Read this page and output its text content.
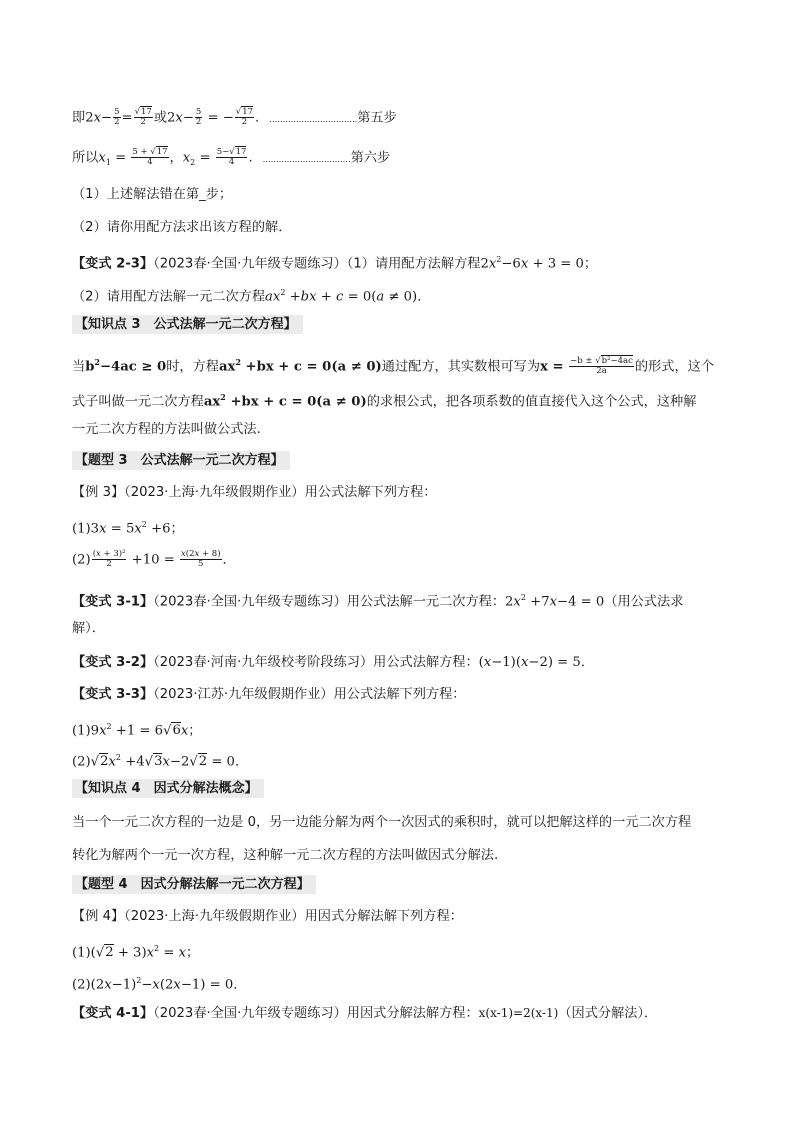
即$2x- \frac{5}{2} = \frac{√17}{2}$ 或$2x- \frac{5}{2}$ = − $\frac{√17}{2}$ . ……………………………第五步
所以$x_1 = \frac{5 + √17}{4}$ ，$x_2 = \frac{5-√17}{4}$ . ……………………………第六步
（1）上述解法错在第_步；
（2）请你用配方法求出该方程的解．
【变式 2-3】（2023春·全国·九年级专题练习）（1）请用配方法解方程$2x^2-6x + 3 = 0$；
（2）请用配方法解一元二次方程$ax^2 +bx + c = 0(a \ne 0)$．
【知识点 3　公式法解一元二次方程】
当$b^2-4ac \ge 0$时，方程$ax^2 +bx + c = 0(a \ne 0)$通过配方，其实数根可写为$x = \frac{\text{−b ± √b²−4ac}}{2a}$ 的形式，这个
式子叫做一元二次方程$ax^2 +bx + c = 0(a \ne 0)$的求根公式，把各项系数的值直接代入这个公式，这种解
一元二次方程的方法叫做公式法.
【题型 3　公式法解一元二次方程】
【例 3】（2023·上海·九年级假期作业）用公式法解下列方程：
$(1)3x = 5x^2 +6$；
$(2) \frac{\text{(x + 3)²}}{2} +10 = \frac{x(2x + 8)}{5}$ ．
【变式 3-1】（2023春·全国·九年级专题练习）用公式法解一元二次方程：$2x^2 +7x-4 = 0$（用公式法求
解）．
【变式 3-2】（2023春·河南·九年级校考阶段练习）用公式法解方程：(x−1)(x−2) = 5．
【变式 3-3】（2023·江苏·九年级假期作业）用公式法解下列方程：
$(1)9x^2 +1 = 6√6x$；
$(2)√2x^2 +4√3x-2√2 = 0$．
【知识点 4　因式分解法概念】
当一个一元二次方程的一边是 0，另一边能分解为两个一次因式的乘积时，就可以把解这样的一元二次方程
转化为解两个一元一次方程，这种解一元二次方程的方法叫做因式分解法.
【题型 4　因式分解法解一元二次方程】
【例 4】（2023·上海·九年级假期作业）用因式分解法解下列方程：
$(1)(√2 + 3)x^2 = x$；
$(2)(2x-1)^2-x(2x-1) = 0$．
【变式 4-1】（2023春·全国·九年级专题练习）用因式分解法解方程：x(x-1)=2(x-1)（因式分解法）．
